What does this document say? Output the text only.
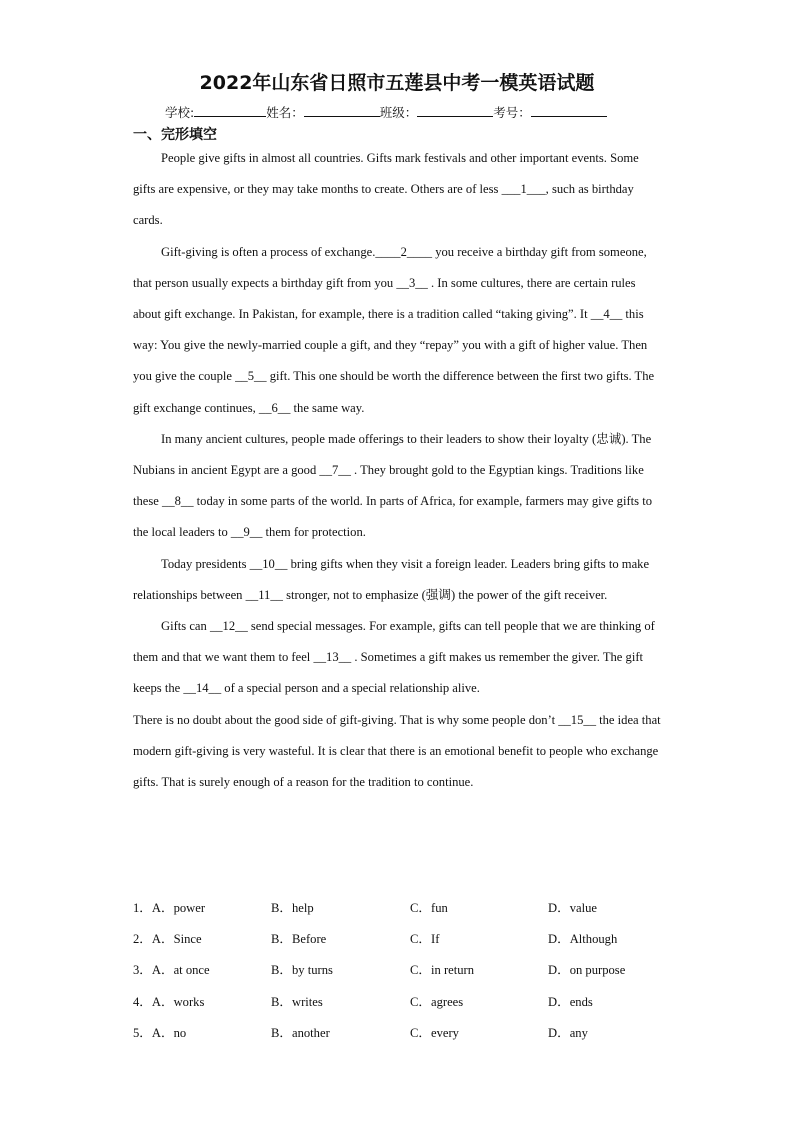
2022年山东省日照市五莲县中考一模英语试题
学校:	姓名：	班级：	考号：
一、完形填空

People give gifts in almost all countries. Gifts mark festivals and other important events. Some gifts are expensive, or they may take months to create. Others are of less ___1___, such as birthday cards.

Gift-giving is often a process of exchange.____2____ you receive a birthday gift from someone, that person usually expects a birthday gift from you __3__ . In some cultures, there are certain rules about gift exchange. In Pakistan, for example, there is a tradition called “taking giving”. It __4__ this way: You give the newly-married couple a gift, and they “repay” you with a gift of higher value. Then you give the couple __5__ gift. This one should be worth the difference between the first two gifts. The gift exchange continues, __6__ the same way.

In many ancient cultures, people made offerings to their leaders to show their loyalty (忠诚). The Nubians in ancient Egypt are a good __7__ . They brought gold to the Egyptian kings. Traditions like these __8__ today in some parts of the world. In parts of Africa, for example, farmers may give gifts to the local leaders to __9__ them for protection.

Today presidents __10__ bring gifts when they visit a foreign leader. Leaders bring gifts to make relationships between __11__ stronger, not to emphasize (强调) the power of the gift receiver.

Gifts can __12__ send special messages. For example, gifts can tell people that we are thinking of them and that we want them to feel __13__ . Sometimes a gift makes us remember the giver. The gift keeps the __14__ of a special person and a special relationship alive.

There is no doubt about the good side of gift-giving. That is why some people don’t __15__ the idea that modern gift-giving is very wasteful. It is clear that there is an emotional benefit to people who exchange gifts. That is surely enough of a reason for the tradition to continue.

1．A．power	B．help	C．fun	D．value
2．A．Since	B．Before	C．If	D．Although
3．A．at once	B．by turns	C．in return	D．on purpose
4．A．works	B．writes	C．agrees	D．ends
5．A．no	B．another	C．every	D．any
